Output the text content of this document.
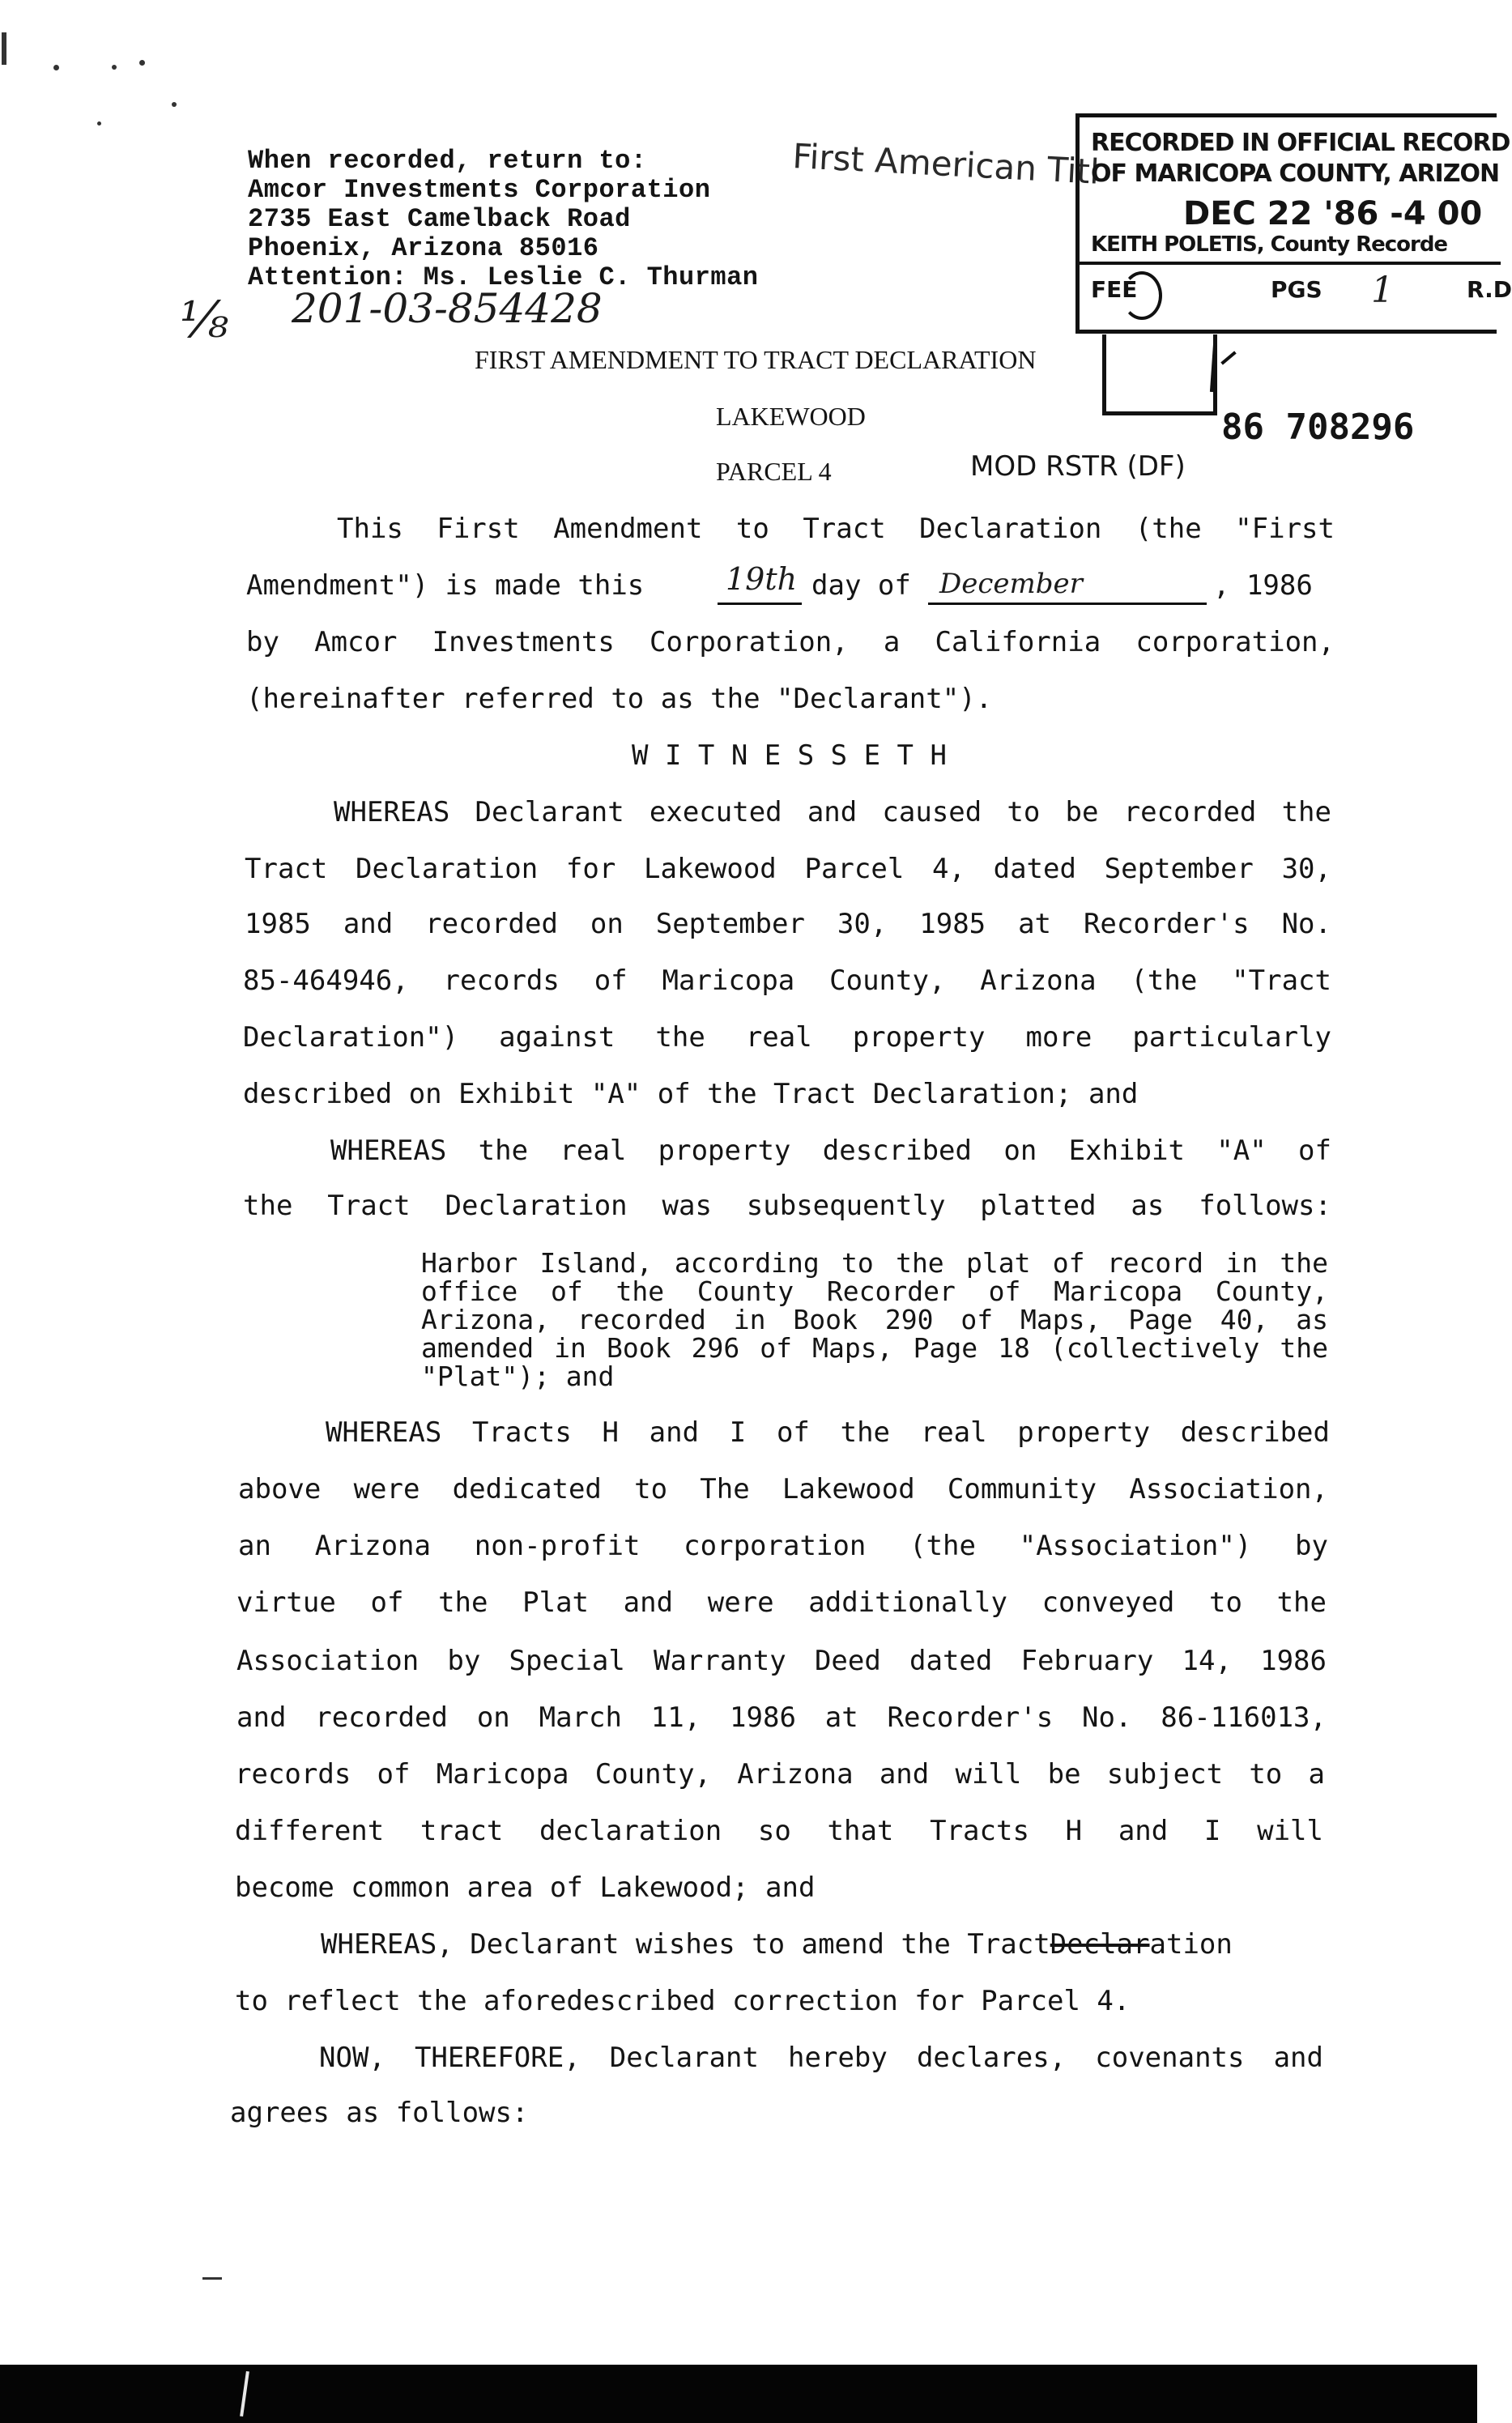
When recorded, return to:
Amcor Investments Corporation
2735 East Camelback Road
Phoenix, Arizona 85016
Attention: Ms. Leslie C. Thurman
⅛ 201-03-854428
First American Titl
RECORDED IN OFFICIAL RECORD
OF MARICOPA COUNTY, ARIZON
DEC 22 '86 -4 00
KEITH POLETIS, County Recorde
FEE	PGS 1	R.D
86 708296
MOD RSTR (DF)
FIRST AMENDMENT TO TRACT DECLARATION
LAKEWOOD
PARCEL 4
This First Amendment to Tract Declaration (the "First
Amendment") is made this	19th day of December	, 1986
by Amcor Investments Corporation, a California corporation,
(hereinafter referred to as the "Declarant").
W I T N E S S E T H
WHEREAS Declarant executed and caused to be recorded the
Tract Declaration for Lakewood Parcel 4, dated September 30,
1985 and recorded on September 30, 1985 at Recorder's No.
85-464946, records of Maricopa County, Arizona (the "Tract
Declaration") against the real property more particularly
described on Exhibit "A" of the Tract Declaration; and
WHEREAS the real property described on Exhibit "A" of
the Tract Declaration was subsequently platted as follows:
Harbor Island, according to the plat of record in the office of the County Recorder of Maricopa County, Arizona, recorded in Book 290 of Maps, Page 40, as amended in Book 296 of Maps, Page 18 (collectively the "Plat"); and
WHEREAS Tracts H and I of the real property described
above were dedicated to The Lakewood Community Association,
an Arizona non-profit corporation (the "Association") by
virtue of the Plat and were additionally conveyed to the
Association by Special Warranty Deed dated February 14, 1986
and recorded on March 11, 1986 at Recorder's No. 86-116013,
records of Maricopa County, Arizona and will be subject to a
different tract declaration so that Tracts H and I will
become common area of Lakewood; and
WHEREAS, Declarant wishes to amend the TractDeclaration
to reflect the aforedescribed correction for Parcel 4.
NOW, THEREFORE, Declarant hereby declares, covenants and
agrees as follows:
